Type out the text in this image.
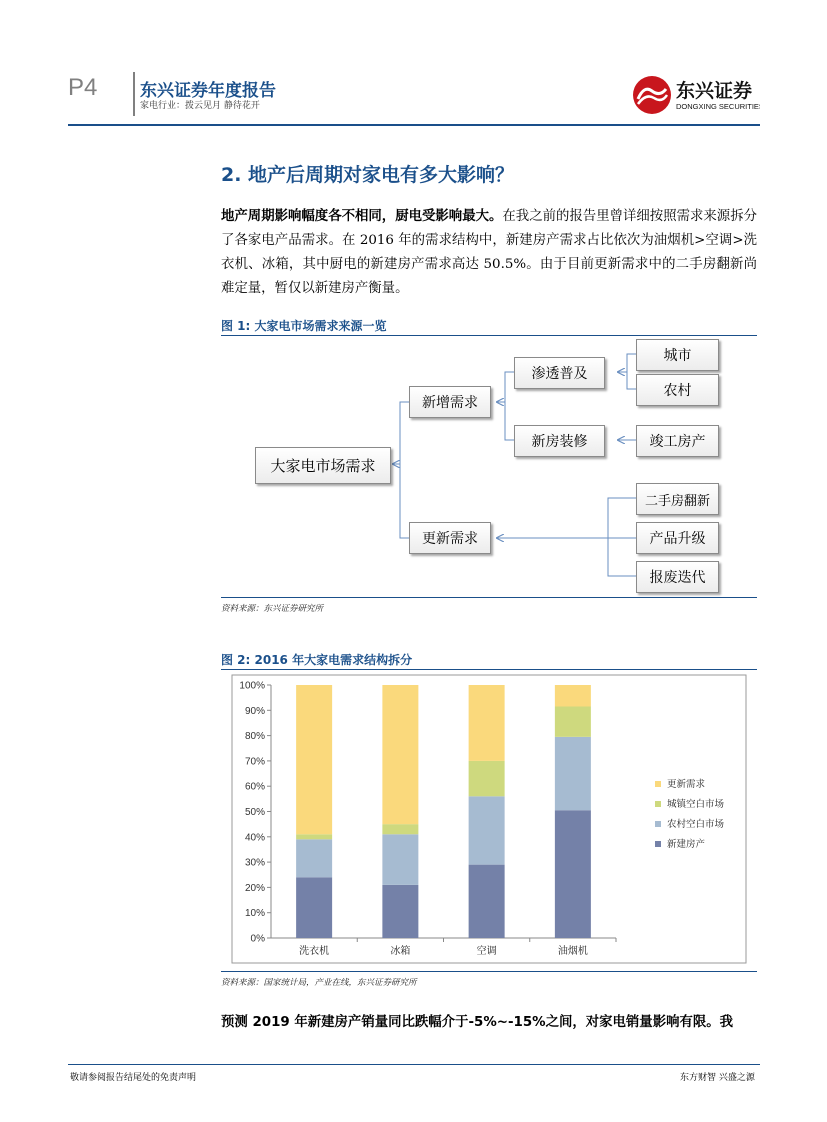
P4	东兴证券年度报告
家电行业：拨云见月 静待花开
东兴证券
DONGXING SECURITIES
2. 地产后周期对家电有多大影响？
地产周期影响幅度各不相同，厨电受影响最大。在我之前的报告里曾详细按照需求来源拆分了各家电产品需求。在 2016 年的需求结构中，新建房产需求占比依次为油烟机>空调>洗衣机、冰箱，其中厨电的新建房产需求高达 50.5%。由于目前更新需求中的二手房翻新尚难定量，暂仅以新建房产衡量。
图 1: 大家电市场需求来源一览
大家电市场需求
新增需求
更新需求
渗透普及
新房装修
城市
农村
竣工房产
二手房翻新
产品升级
报废迭代
资料来源：东兴证券研究所
图 2: 2016 年大家电需求结构拆分
0%
10%
20%
30%
40%
50%
60%
70%
80%
90%
100%
洗衣机	冰箱	空调	油烟机
更新需求
城镇空白市场
农村空白市场
新建房产
资料来源：国家统计局，产业在线，东兴证券研究所
预测 2019 年新建房产销量同比跌幅介于-5%~-15%之间，对家电销量影响有限。我
敬请参阅报告结尾处的免责声明	东方财智 兴盛之源
